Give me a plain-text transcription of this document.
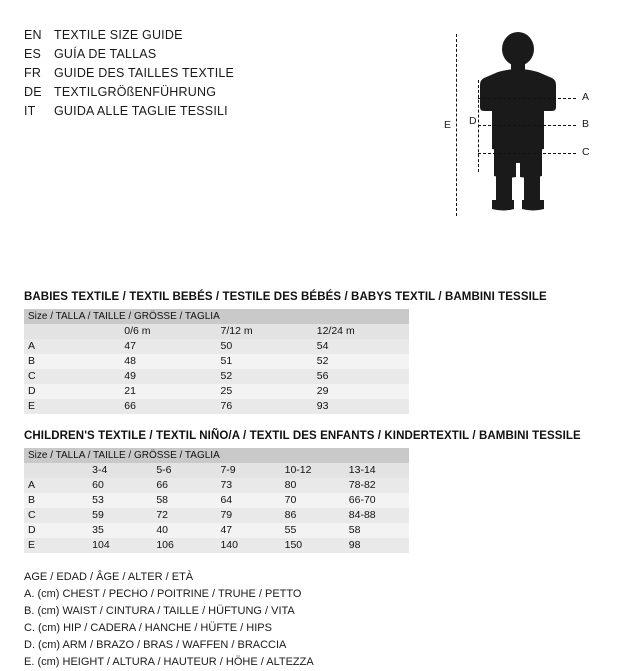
EN TEXTILE SIZE GUIDE
ES	GUÍA DE TALLAS
FR	GUIDE DES TAILLES TEXTILE
DE TEXTILGRÖßENFÜHRUNG
IT	GUIDA ALLE TAGLIE TESSILI
A
B
C
D
E
BABIES TEXTILE / TEXTIL BEBÉS / TESTILE DES BÉBÉS / BABYS TEXTIL / BAMBINI TESSILE
Size / TALLA / TAILLE / GRÖSSE / TAGLIA			
	0/6 m	7/12 m	12/24 m
A	47	50	54
B	48	51	52
C	49	52	56
D	21	25	29
E	66	76	93
CHILDREN'S TEXTILE / TEXTIL NIÑO/A / TEXTIL DES ENFANTS / KINDERTEXTIL / BAMBINI TESSILE
Size / TALLA / TAILLE / GRÖSSE / TAGLIA					
	3-4	5-6	7-9	10-12	13-14
A	60	66	73	80	78-82
B	53	58	64	70	66-70
C	59	72	79	86	84-88
D	35	40	47	55	58
E	104	106	140	150	98
AGE / EDAD / ÂGE / ALTER / ETÀ
A. (cm) CHEST / PECHO / POITRINE / TRUHE / PETTO
B. (cm) WAIST / CINTURA / TAILLE / HÜFTUNG / VITA
C. (cm) HIP / CADERA / HANCHE / HÜFTE / HIPS
D. (cm) ARM / BRAZO / BRAS / WAFFEN / BRACCIA
E. (cm) HEIGHT / ALTURA / HAUTEUR / HÖHE / ALTEZZA
